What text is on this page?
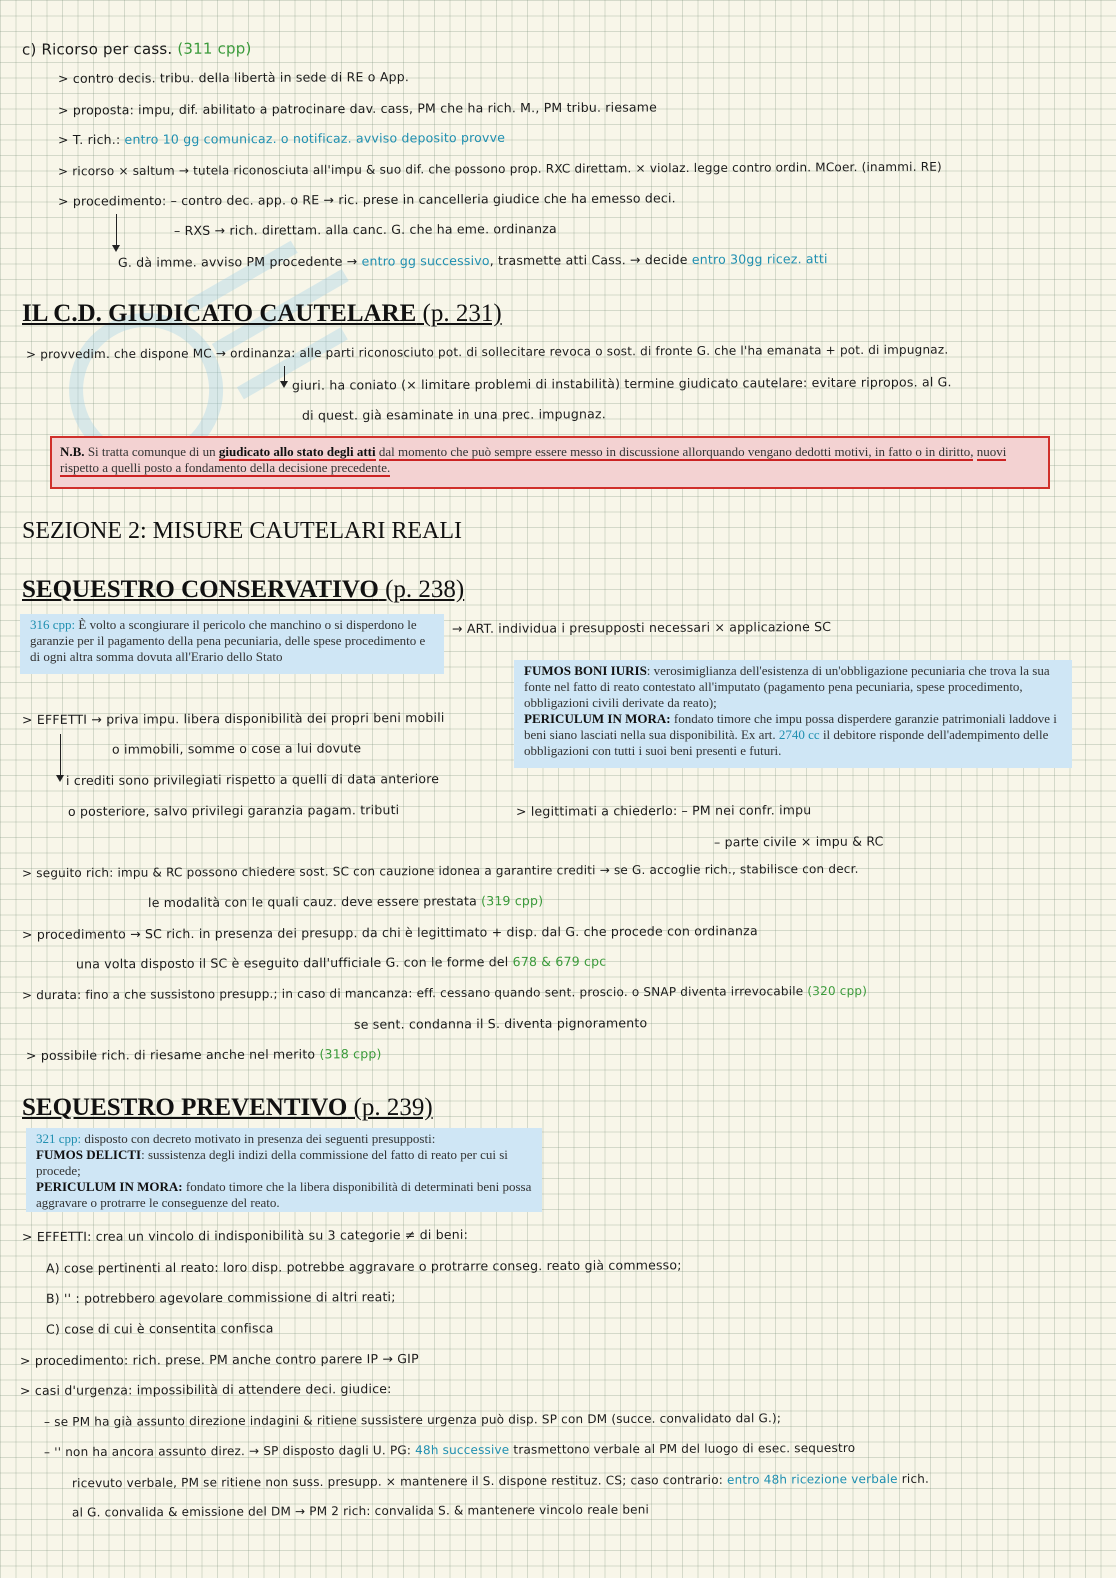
c) Ricorso per cass. (311 cpp)
> contro decis. tribu. della libertà in sede di RE o App.
> proposta: impu, dif. abilitato a patrocinare dav. cass, PM che ha rich. M., PM tribu. riesame
> T. rich.: entro 10 gg comunicaz. o notificaz. avviso deposito provve
> ricorso × saltum → tutela riconosciuta all'impu & suo dif. che possono prop. RXC direttam. × violaz. legge contro ordin. MCoer. (inammi. RE)
> procedimento: – contro dec. app. o RE → ric. prese in cancelleria giudice che ha emesso deci.
– RXS → rich. direttam. alla canc. G. che ha eme. ordinanza
G. dà imme. avviso PM procedente → entro gg successivo, trasmette atti Cass. → decide entro 30gg ricez. atti
IL C.D. GIUDICATO CAUTELARE (p. 231)
> provvedim. che dispone MC → ordinanza: alle parti riconosciuto pot. di sollecitare revoca o sost. di fronte G. che l'ha emanata + pot. di impugnaz.
giuri. ha coniato (× limitare problemi di instabilità) termine giudicato cautelare: evitare ripropos. al G.
di quest. già esaminate in una prec. impugnaz.
N.B. Si tratta comunque di un giudicato allo stato degli atti dal momento che può sempre essere messo in discussione allorquando vengano dedotti motivi, in fatto o in diritto, nuovi rispetto a quelli posto a fondamento della decisione precedente.
SEZIONE 2: MISURE CAUTELARI REALI
SEQUESTRO CONSERVATIVO (p. 238)
316 cpp: È volto a scongiurare il pericolo che manchino o si disperdono le garanzie per il pagamento della pena pecuniaria, delle spese procedimento e di ogni altra somma dovuta all'Erario dello Stato
→ ART. individua i presupposti necessari × applicazione SC
FUMOS BONI IURIS: verosimiglianza dell'esistenza di un'obbligazione pecuniaria che trova la sua fonte nel fatto di reato contestato all'imputato (pagamento pena pecuniaria, spese procedimento, obbligazioni civili derivate da reato);
PERICULUM IN MORA: fondato timore che impu possa disperdere garanzie patrimoniali laddove i beni siano lasciati nella sua disponibilità. Ex art. 2740 cc il debitore risponde dell'adempimento delle obbligazioni con tutti i suoi beni presenti e futuri.
> EFFETTI → priva impu. libera disponibilità dei propri beni mobili
o immobili, somme o cose a lui dovute
i crediti sono privilegiati rispetto a quelli di data anteriore
o posteriore, salvo privilegi garanzia pagam. tributi	> legittimati a chiederlo: – PM nei confr. impu
– parte civile × impu & RC
> seguito rich: impu & RC possono chiedere sost. SC con cauzione idonea a garantire crediti → se G. accoglie rich., stabilisce con decr.
le modalità con le quali cauz. deve essere prestata (319 cpp)
> procedimento → SC rich. in presenza dei presupp. da chi è legittimato + disp. dal G. che procede con ordinanza
una volta disposto il SC è eseguito dall'ufficiale G. con le forme del 678 & 679 cpc
> durata: fino a che sussistono presupp.; in caso di mancanza: eff. cessano quando sent. proscio. o SNAP diventa irrevocabile (320 cpp)
se sent. condanna il S. diventa pignoramento
> possibile rich. di riesame anche nel merito (318 cpp)
SEQUESTRO PREVENTIVO (p. 239)
321 cpp: disposto con decreto motivato in presenza dei seguenti presupposti:
FUMOS DELICTI: sussistenza degli indizi della commissione del fatto di reato per cui si procede;
PERICULUM IN MORA: fondato timore che la libera disponibilità di determinati beni possa aggravare o protrarre le conseguenze del reato.
> EFFETTI: crea un vincolo di indisponibilità su 3 categorie ≠ di beni:
A) cose pertinenti al reato: loro disp. potrebbe aggravare o protrarre conseg. reato già commesso;
B) '' : potrebbero agevolare commissione di altri reati;
C) cose di cui è consentita confisca
> procedimento: rich. prese. PM anche contro parere IP → GIP
> casi d'urgenza: impossibilità di attendere deci. giudice:
– se PM ha già assunto direzione indagini & ritiene sussistere urgenza può disp. SP con DM (succe. convalidato dal G.);
– '' non ha ancora assunto direz. → SP disposto dagli U. PG: 48h successive trasmettono verbale al PM del luogo di esec. sequestro
ricevuto verbale, PM se ritiene non suss. presupp. × mantenere il S. dispone restituz. CS; caso contrario: entro 48h ricezione verbale rich.
al G. convalida & emissione del DM → PM 2 rich: convalida S. & mantenere vincolo reale beni
